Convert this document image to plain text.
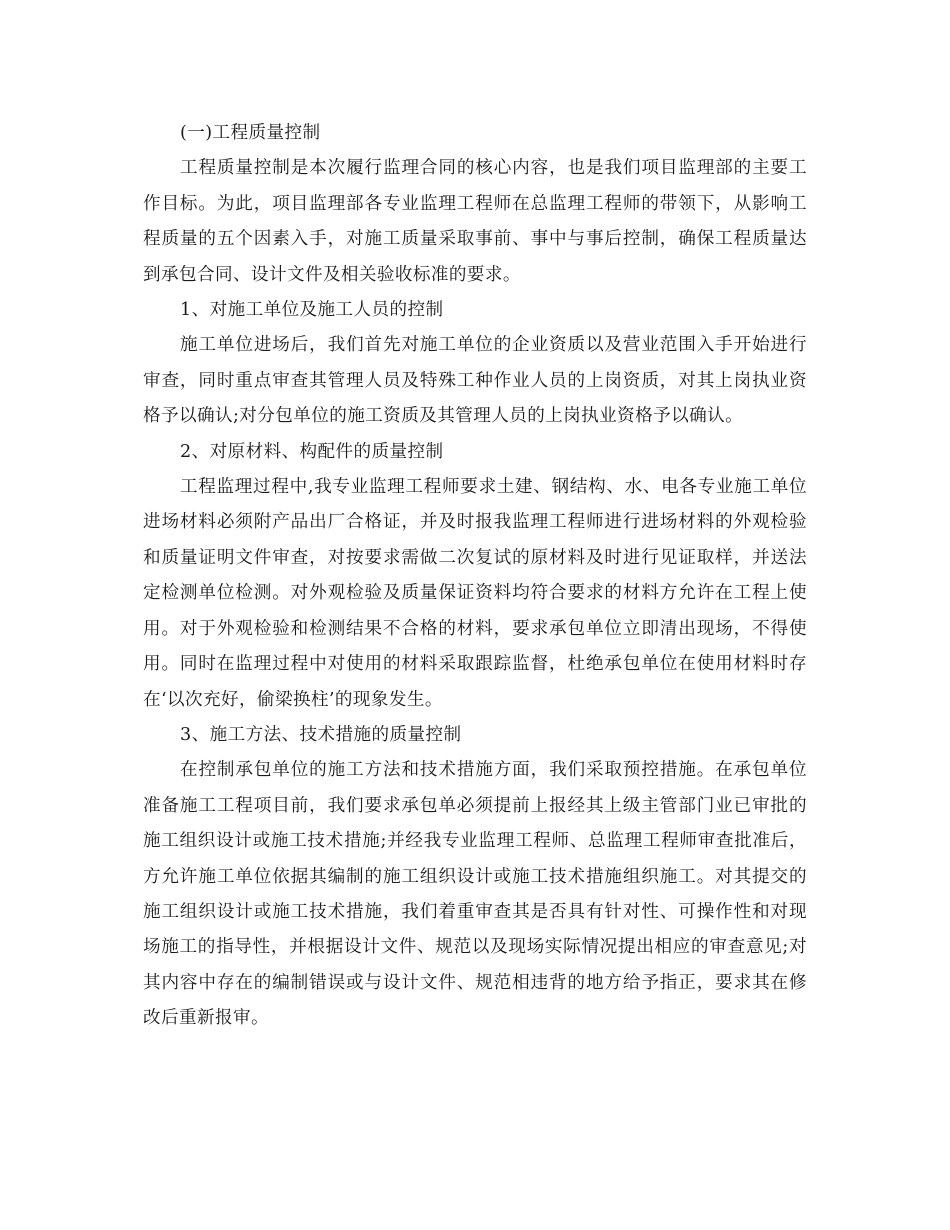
(一)工程质量控制

工程质量控制是本次履行监理合同的核心内容，也是我们项目监理部的主要工作目标。为此，项目监理部各专业监理工程师在总监理工程师的带领下，从影响工程质量的五个因素入手，对施工质量采取事前、事中与事后控制，确保工程质量达到承包合同、设计文件及相关验收标准的要求。

1、对施工单位及施工人员的控制

施工单位进场后，我们首先对施工单位的企业资质以及营业范围入手开始进行审查，同时重点审查其管理人员及特殊工种作业人员的上岗资质，对其上岗执业资格予以确认;对分包单位的施工资质及其管理人员的上岗执业资格予以确认。

2、对原材料、构配件的质量控制

工程监理过程中,我专业监理工程师要求土建、钢结构、水、电各专业施工单位进场材料必须附产品出厂合格证，并及时报我监理工程师进行进场材料的外观检验和质量证明文件审查，对按要求需做二次复试的原材料及时进行见证取样，并送法定检测单位检测。对外观检验及质量保证资料均符合要求的材料方允许在工程上使用。对于外观检验和检测结果不合格的材料，要求承包单位立即清出现场，不得使用。同时在监理过程中对使用的材料采取跟踪监督，杜绝承包单位在使用材料时存在‘以次充好，偷梁换柱’的现象发生。

3、施工方法、技术措施的质量控制

在控制承包单位的施工方法和技术措施方面，我们采取预控措施。在承包单位准备施工工程项目前，我们要求承包单必须提前上报经其上级主管部门业已审批的施工组织设计或施工技术措施;并经我专业监理工程师、总监理工程师审查批准后，方允许施工单位依据其编制的施工组织设计或施工技术措施组织施工。对其提交的施工组织设计或施工技术措施，我们着重审查其是否具有针对性、可操作性和对现场施工的指导性，并根据设计文件、规范以及现场实际情况提出相应的审查意见;对其内容中存在的编制错误或与设计文件、规范相违背的地方给予指正，要求其在修改后重新报审。
